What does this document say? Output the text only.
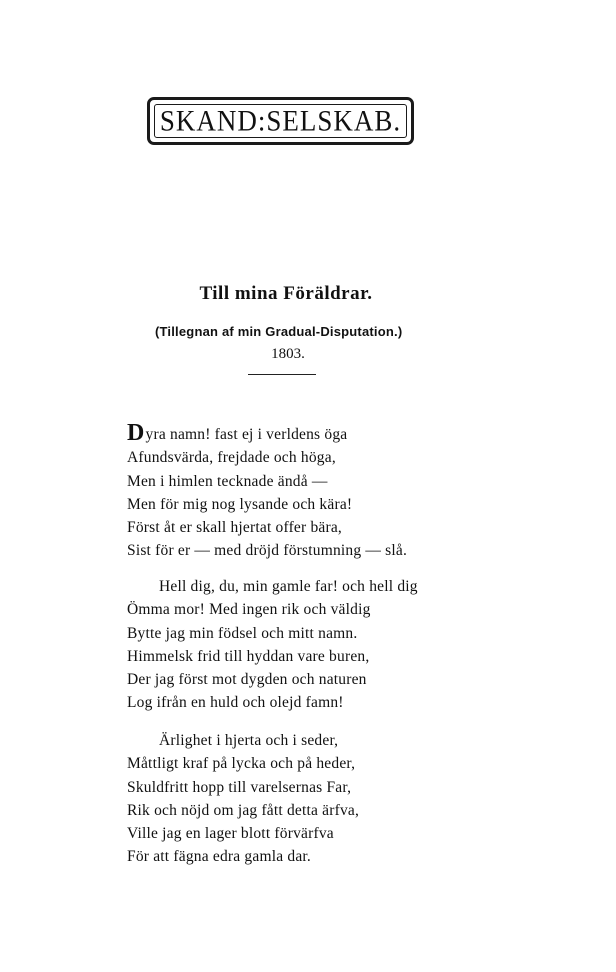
SKAND:SELSKAB.
Till mina Föräldrar.
(Tillegnan af min Gradual-Disputation.)
1803.
Dyra namn! fast ej i verldens öga
Afundsvärda, frejdade och höga,
Men i himlen tecknade ändå —
Men för mig nog lysande och kära!
Först åt er skall hjertat offer bära,
Sist för er — med dröjd förstumning — slå.
Hell dig, du, min gamle far! och hell dig
Ömma mor! Med ingen rik och väldig
Bytte jag min födsel och mitt namn.
Himmelsk frid till hyddan vare buren,
Der jag först mot dygden och naturen
Log ifrån en huld och olejd famn!
Ärlighet i hjerta och i seder,
Måttligt kraf på lycka och på heder,
Skuldfritt hopp till varelsernas Far,
Rik och nöjd om jag fått detta ärfva,
Ville jag en lager blott förvärfva
För att fägna edra gamla dar.
